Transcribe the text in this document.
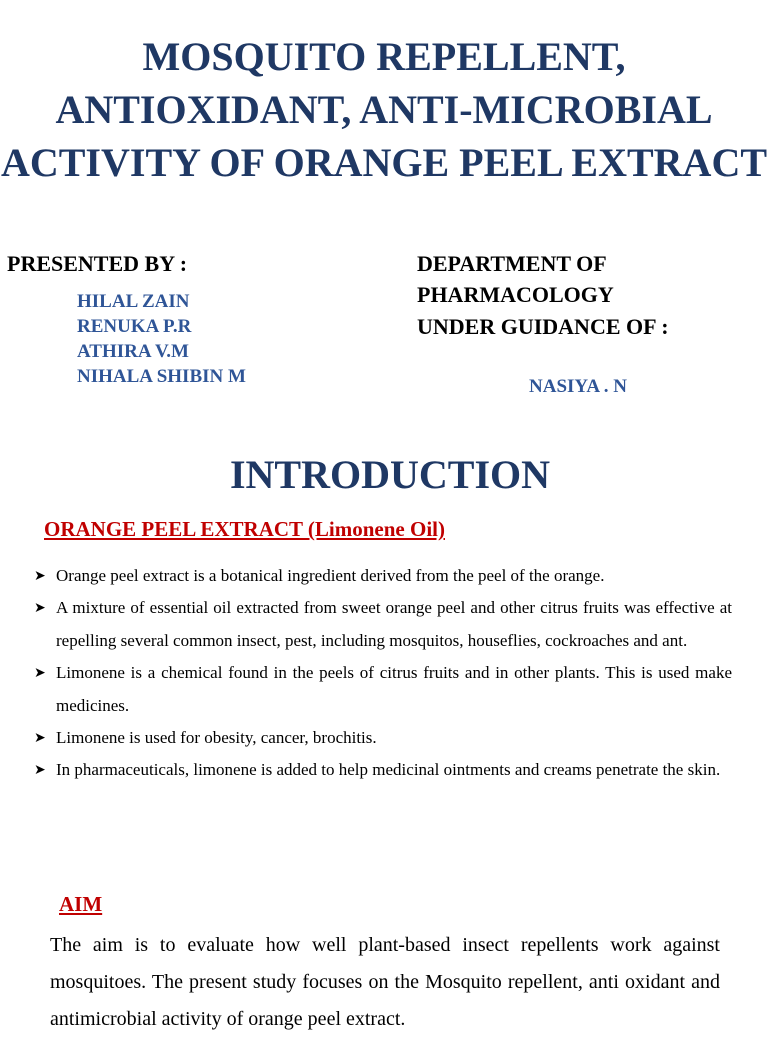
MOSQUITO REPELLENT, ANTIOXIDANT, ANTI-MICROBIAL ACTIVITY OF ORANGE PEEL EXTRACT
PRESENTED BY :
HILAL ZAIN
RENUKA P.R
ATHIRA V.M
NIHALA SHIBIN M
DEPARTMENT OF PHARMACOLOGY
UNDER GUIDANCE OF :
NASIYA . N
INTRODUCTION
ORANGE PEEL EXTRACT (Limonene Oil)
➤ Orange peel extract is a botanical ingredient derived from the peel of the orange.
➤ A mixture of essential oil extracted from sweet orange peel and other citrus fruits was effective at repelling several common insect, pest, including mosquitos, houseflies, cockroaches and ant.
➤ Limonene is a chemical found in the peels of citrus fruits and in other plants. This is used make medicines.
➤ Limonene is used for obesity, cancer, brochitis.
➤ In pharmaceuticals, limonene is added to help medicinal ointments and creams penetrate the skin.
AIM

The aim is to evaluate how well plant-based insect repellents work against mosquitoes. The present study focuses on the Mosquito repellent, anti oxidant and antimicrobial activity of orange peel extract.
